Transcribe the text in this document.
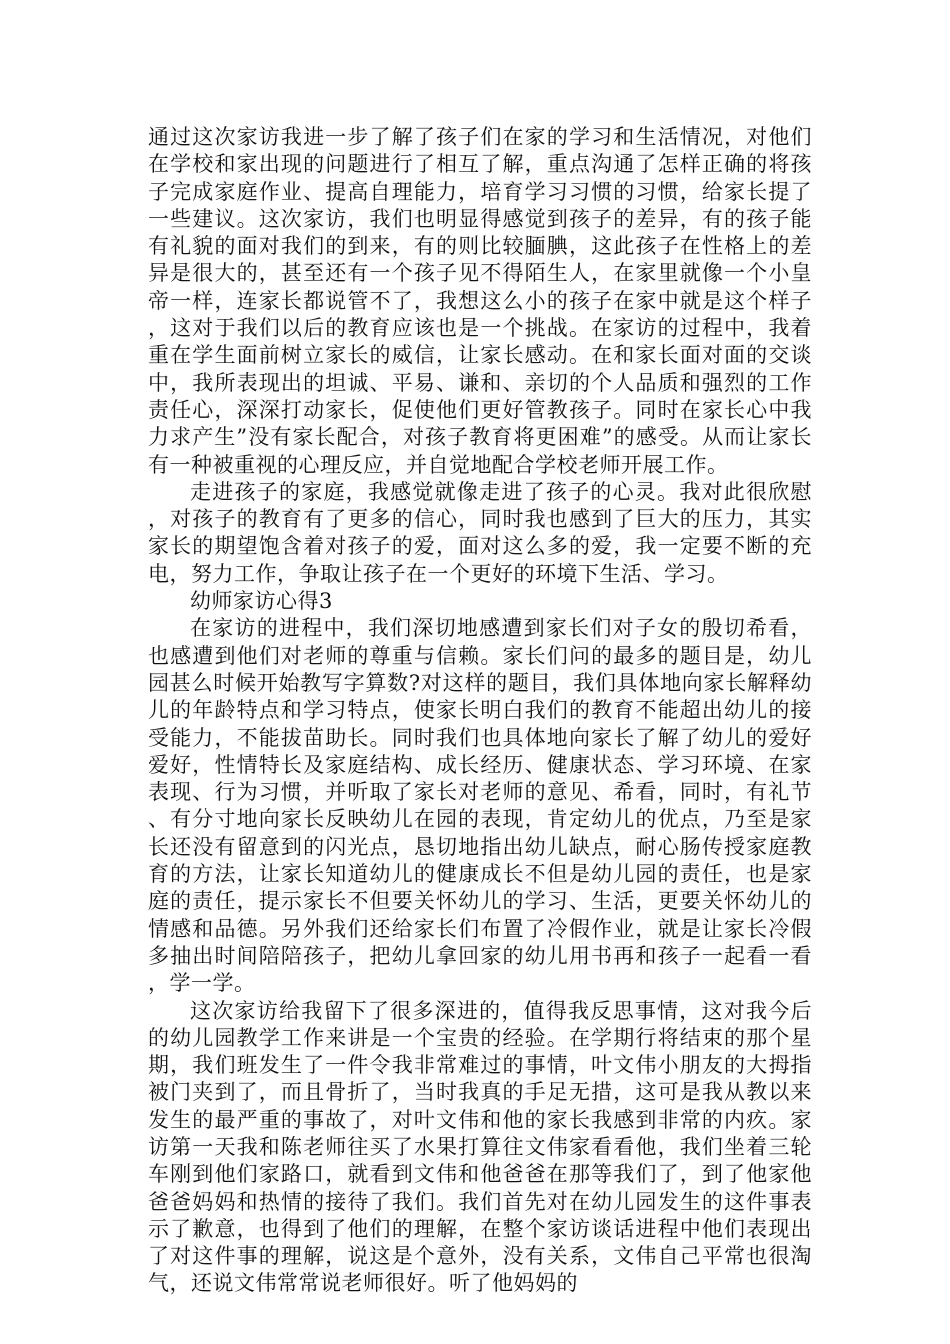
通过这次家访我进一步了解了孩子们在家的学习和生活情况，对他们在学校和家出现的问题进行了相互了解，重点沟通了怎样正确的将孩子完成家庭作业、提高自理能力，培育学习习惯的习惯，给家长提了一些建议。这次家访，我们也明显得感觉到孩子的差异，有的孩子能有礼貌的面对我们的到来，有的则比较腼腆，这此孩子在性格上的差异是很大的，甚至还有一个孩子见不得陌生人，在家里就像一个小皇帝一样，连家长都说管不了，我想这么小的孩子在家中就是这个样子，这对于我们以后的教育应该也是一个挑战。在家访的过程中，我着重在学生面前树立家长的威信，让家长感动。在和家长面对面的交谈中，我所表现出的坦诚、平易、谦和、亲切的个人品质和强烈的工作责任心，深深打动家长，促使他们更好管教孩子。同时在家长心中我力求产生”没有家长配合，对孩子教育将更困难”的感受。从而让家长有一种被重视的心理反应，并自觉地配合学校老师开展工作。

走进孩子的家庭，我感觉就像走进了孩子的心灵。我对此很欣慰，对孩子的教育有了更多的信心，同时我也感到了巨大的压力，其实家长的期望饱含着对孩子的爱，面对这么多的爱，我一定要不断的充电，努力工作，争取让孩子在一个更好的环境下生活、学习。

幼师家访心得3

在家访的进程中，我们深切地感遭到家长们对子女的殷切希看，也感遭到他们对老师的尊重与信赖。家长们问的最多的题目是，幼儿园甚么时候开始教写字算数?对这样的题目，我们具体地向家长解释幼儿的年龄特点和学习特点，使家长明白我们的教育不能超出幼儿的接受能力，不能拔苗助长。同时我们也具体地向家长了解了幼儿的爱好爱好，性情特长及家庭结构、成长经历、健康状态、学习环境、在家表现、行为习惯，并听取了家长对老师的意见、希看，同时，有礼节、有分寸地向家长反映幼儿在园的表现，肯定幼儿的优点，乃至是家长还没有留意到的闪光点，恳切地指出幼儿缺点，耐心肠传授家庭教育的方法，让家长知道幼儿的健康成长不但是幼儿园的责任，也是家庭的责任，提示家长不但要关怀幼儿的学习、生活，更要关怀幼儿的情感和品德。另外我们还给家长们布置了冷假作业，就是让家长冷假多抽出时间陪陪孩子，把幼儿拿回家的幼儿用书再和孩子一起看一看，学一学。

这次家访给我留下了很多深进的，值得我反思事情，这对我今后的幼儿园教学工作来讲是一个宝贵的经验。在学期行将结束的那个星期，我们班发生了一件令我非常难过的事情，叶文伟小朋友的大拇指被门夹到了，而且骨折了，当时我真的手足无措，这可是我从教以来发生的最严重的事故了，对叶文伟和他的家长我感到非常的内疚。家访第一天我和陈老师往买了水果打算往文伟家看看他，我们坐着三轮车刚到他们家路口，就看到文伟和他爸爸在那等我们了，到了他家他爸爸妈妈和热情的接待了我们。我们首先对在幼儿园发生的这件事表示了歉意，也得到了他们的理解，在整个家访谈话进程中他们表现出了对这件事的理解，说这是个意外，没有关系，文伟自己平常也很淘气，还说文伟常常说老师很好。听了他妈妈的
